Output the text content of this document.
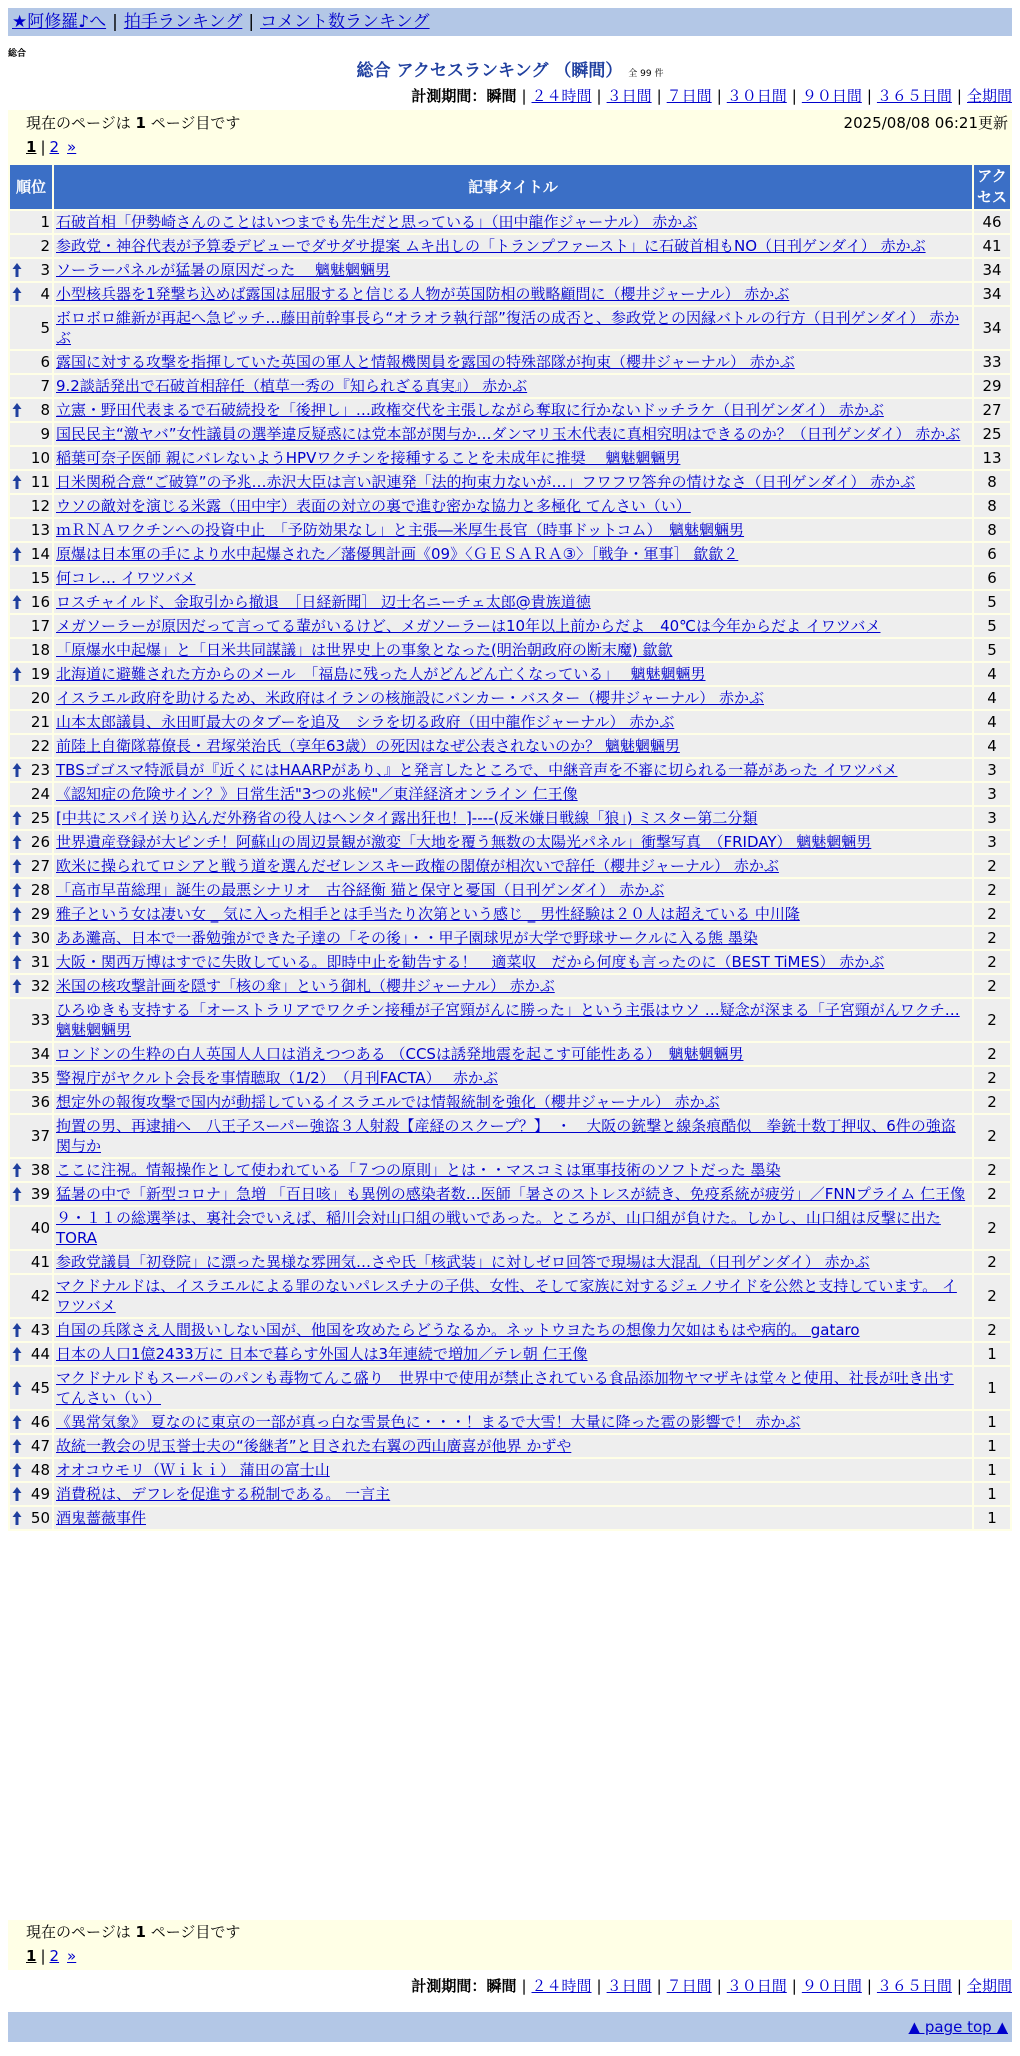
★阿修羅♪へ | 拍手ランキング | コメント数ランキング
総合
総合 アクセスランキング （瞬間） 全 99 件
計測期間：瞬間 | ２４時間 | ３日間 | ７日間 | ３０日間 | ９０日間 | ３６５日間 | 全期間
現在のページは 1 ページ目です	2025/08/08 06:21更新
1 | 2 »
順位	記事タイトル	アクセス
1	石破首相「伊勢崎さんのことはいつまでも先生だと思っている」（田中龍作ジャーナル） 赤かぶ	46
2	参政党・神谷代表が予算委デビューでダサダサ提案 ムキ出しの「トランプファースト」に石破首相もNO（日刊ゲンダイ） 赤かぶ	41

3	ソーラーパネルが猛暑の原因だった　 魑魅魍魎男	34

4	小型核兵器を1発撃ち込めば露国は屈服すると信じる人物が英国防相の戦略顧問に（櫻井ジャーナル） 赤かぶ	34
5	ボロボロ維新が再起へ急ピッチ…藤田前幹事長ら“オラオラ執行部”復活の成否と、参政党との因縁バトルの行方（日刊ゲンダイ） 赤かぶ	34
6	露国に対する攻撃を指揮していた英国の軍人と情報機関員を露国の特殊部隊が拘束（櫻井ジャーナル） 赤かぶ	33
7	9.2談話発出で石破首相辞任（植草一秀の『知られざる真実』） 赤かぶ	29

8	立憲・野田代表まるで石破続投を「後押し」…政権交代を主張しながら奪取に行かないドッチラケ（日刊ゲンダイ） 赤かぶ	27
9	国民民主“激ヤバ”女性議員の選挙違反疑惑には党本部が関与か…ダンマリ玉木代表に真相究明はできるのか？（日刊ゲンダイ） 赤かぶ	25
10	稲葉可奈子医師 親にバレないようHPVワクチンを接種することを未成年に推奨　 魑魅魍魎男	13

11	日米関税合意“ご破算”の予兆…赤沢大臣は言い訳連発「法的拘束力ないが…」フワフワ答弁の情けなさ（日刊ゲンダイ） 赤かぶ	8
12	ウソの敵対を演じる米露（田中宇）表面の対立の裏で進む密かな協力と多極化 てんさい（い）	8
13	ｍＲＮＡワクチンへの投資中止　「予防効果なし」と主張―米厚生長官（時事ドットコム）　魑魅魍魎男	8

14	原爆は日本軍の手により水中起爆された／藩優興計画《09》〈ＧＥＳＡＲＡ③〉［戦争・軍事］ 歙歙２	6
15	何コレ… イワツバメ	6

16	ロスチャイルド、金取引から撤退　［日経新聞］ 辺士名ニーチェ太郎@貴族道徳	5
17	メガソーラーが原因だって言ってる輩がいるけど、メガソーラーは10年以上前からだよ　40℃は今年からだよ イワツバメ	5
18	「原爆水中起爆」と「日米共同謀議」は世界史上の事象となった(明治朝政府の断末魔) 歙歙	5

19	北海道に避難された方からのメール　「福島に残った人がどんどん亡くなっている」　 魑魅魍魎男	4
20	イスラエル政府を助けるため、米政府はイランの核施設にバンカー・バスター（櫻井ジャーナル） 赤かぶ	4
21	山本太郎議員、永田町最大のタブーを追及　シラを切る政府（田中龍作ジャーナル） 赤かぶ	4
22	前陸上自衛隊幕僚長・君塚栄治氏（享年63歳）の死因はなぜ公表されないのか？ 魑魅魍魎男	4

23	TBSゴゴスマ特派員が『近くにはHAARPがあり、』と発言したところで、中継音声を不審に切られる一幕があった イワツバメ	3
24	《認知症の危険サイン？》日常生活"3つの兆候"／東洋経済オンライン 仁王像	3

25	[中共にスパイ送り込んだ外務省の役人はヘンタイ露出狂也！]----(反米嫌日戦線「狼」) ミスター第二分類	3

26	世界遺産登録が大ピンチ！阿蘇山の周辺景観が激変「大地を覆う無数の太陽光パネル」衝撃写真　（FRIDAY） 魑魅魍魎男	3

27	欧米に操られてロシアと戦う道を選んだゼレンスキー政権の閣僚が相次いで辞任（櫻井ジャーナル） 赤かぶ	2

28	「高市早苗総理」誕生の最悪シナリオ　古谷経衡 猫と保守と憂国（日刊ゲンダイ） 赤かぶ	2

29	雅子という女は凄い女 _ 気に入った相手とは手当たり次第という感じ _ 男性経験は２０人は超えている 中川隆	2

30	ああ灘高、日本で一番勉強ができた子達の「その後」・・甲子園球児が大学で野球サークルに入る態 墨染	2

31	大阪・関西万博はすでに失敗している。即時中止を勧告する！　適菜収　だから何度も言ったのに（BEST TiMES） 赤かぶ	2

32	米国の核攻撃計画を隠す「核の傘」という御札（櫻井ジャーナル） 赤かぶ	2
33	ひろゆきも支持する「オーストラリアでワクチン接種が子宮頸がんに勝った」という主張はウソ …疑念が深まる「子宮頸がんワクチ… 魑魅魍魎男	2
34	ロンドンの生粋の白人英国人人口は消えつつある （CCSは誘発地震を起こす可能性ある）　魑魅魍魎男	2
35	警視庁がヤクルト会長を事情聴取（1/2）　（月刊FACTA）　 赤かぶ	2
36	想定外の報復攻撃で国内が動揺しているイスラエルでは情報統制を強化（櫻井ジャーナル） 赤かぶ	2
37	拘置の男、再逮捕へ　八王子スーパー強盗３人射殺【産経のスクープ？】　・　大阪の銃撃と線条痕酷似　拳銃十数丁押収、6件の強盗関与か	2

38	ここに注視。情報操作として使われている「７つの原則」とは・・マスコミは軍事技術のソフトだった 墨染	2

39	猛暑の中で「新型コロナ」急増 「百日咳」も異例の感染者数…医師「暑さのストレスが続き、免疫系統が疲労」／FNNプライム 仁王像	2
40	９・１１の総選挙は、裏社会でいえば、稲川会対山口組の戦いであった。ところが、山口組が負けた。しかし、山口組は反撃に出た TORA	2
41	参政党議員「初登院」に漂った異様な雰囲気…さや氏「核武装」に対しゼロ回答で現場は大混乱（日刊ゲンダイ） 赤かぶ	2
42	マクドナルドは、イスラエルによる罪のないパレスチナの子供、女性、そして家族に対するジェノサイドを公然と支持しています。 イワツバメ	2

43	自国の兵隊さえ人間扱いしない国が、他国を攻めたらどうなるか。ネットウヨたちの想像力欠如はもはや病的。 gataro	2

44	日本の人口1億2433万に 日本で暮らす外国人は3年連続で増加／テレ朝 仁王像	1

45	マクドナルドもスーパーのパンも毒物てんこ盛り　世界中で使用が禁止されている食品添加物ヤマザキは堂々と使用、社長が吐き出す てんさい（い）	1

46	《異常気象》 夏なのに東京の一部が真っ白な雪景色に・・・！まるで大雪！大量に降った雹の影響で！ 赤かぶ	1

47	故統一教会の児玉誉士夫の“後継者”と目された右翼の西山廣喜が他界 かずや	1

48	オオコウモリ（Ｗｉｋｉ） 蒲田の富士山	1

49	消費税は、デフレを促進する税制である。 一言主	1

50	酒鬼薔薇事件	1
現在のページは 1 ページ目です
1 | 2 »
計測期間：瞬間 | ２４時間 | ３日間 | ７日間 | ３０日間 | ９０日間 | ３６５日間 | 全期間
▲ page top ▲
